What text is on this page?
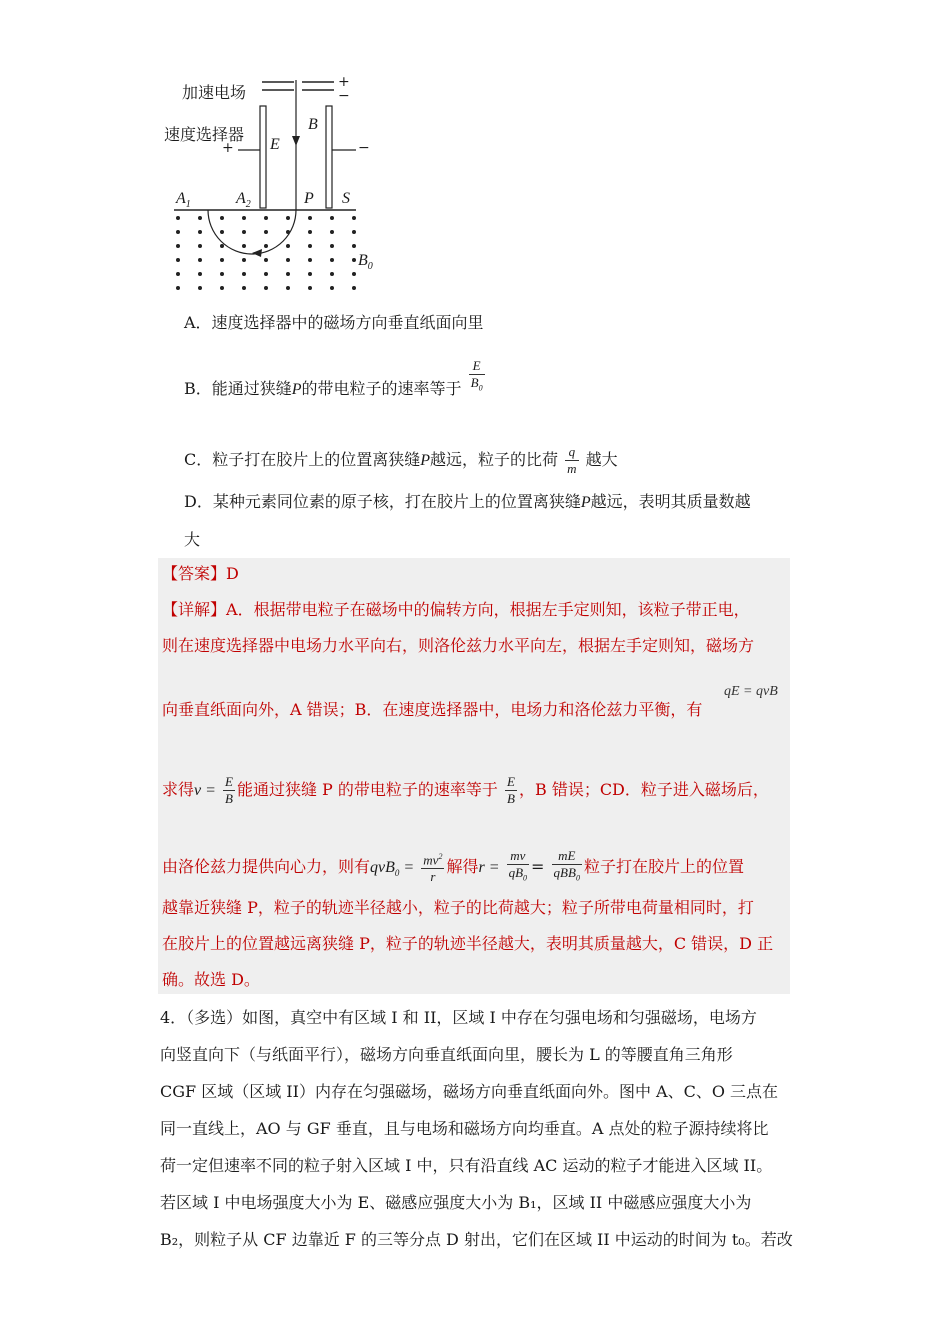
加速电场
速度选择器
+
−
+	−
E
B
$A_1$	$A_2$	P S
$B_0$
A．速度选择器中的磁场方向垂直纸面向里
B．能通过狭缝P的带电粒子的速率等于 $\frac{E}{B_0}$
C．粒子打在胶片上的位置离狭缝P越远，粒子的比荷 $\frac{q}{m}$ 越大
D．某种元素同位素的原子核，打在胶片上的位置离狭缝P越远，表明其质量数越
大
【答案】D
【详解】A．根据带电粒子在磁场中的偏转方向，根据左手定则知，该粒子带正电，
则在速度选择器中电场力水平向右，则洛伦兹力水平向左，根据左手定则知，磁场方
向垂直纸面向外，A 错误；B．在速度选择器中，电场力和洛伦兹力平衡，有
qE = qvB
求得$v = \frac{E}{B}$ 能通过狭缝 P 的带电粒子的速率等于 $\frac{E}{B}$ ，B 错误；CD．粒子进入磁场后，
由洛伦兹力提供向心力，则有$qvB_0 = \frac{mv^2}{r}$ 解得$r = \frac{mv}{qB_0} = \frac{mE}{qBB_0}$ 粒子打在胶片上的位置
越靠近狭缝 P，粒子的轨迹半径越小，粒子的比荷越大；粒子所带电荷量相同时，打
在胶片上的位置越远离狭缝 P，粒子的轨迹半径越大，表明其质量越大，C 错误，D 正
确。故选 D。
4．（多选）如图，真空中有区域 I 和 II，区域 I 中存在匀强电场和匀强磁场，电场方
向竖直向下（与纸面平行），磁场方向垂直纸面向里，腰长为 L 的等腰直角三角形
CGF 区域（区域 II）内存在匀强磁场，磁场方向垂直纸面向外。图中 A、C、O 三点在
同一直线上，AO 与 GF 垂直，且与电场和磁场方向均垂直。A 点处的粒子源持续将比
荷一定但速率不同的粒子射入区域 I 中，只有沿直线 AC 运动的粒子才能进入区域 II。
若区域 I 中电场强度大小为 E、磁感应强度大小为 B₁，区域 II 中磁感应强度大小为
B₂，则粒子从 CF 边靠近 F 的三等分点 D 射出，它们在区域 II 中运动的时间为 t₀。若改
